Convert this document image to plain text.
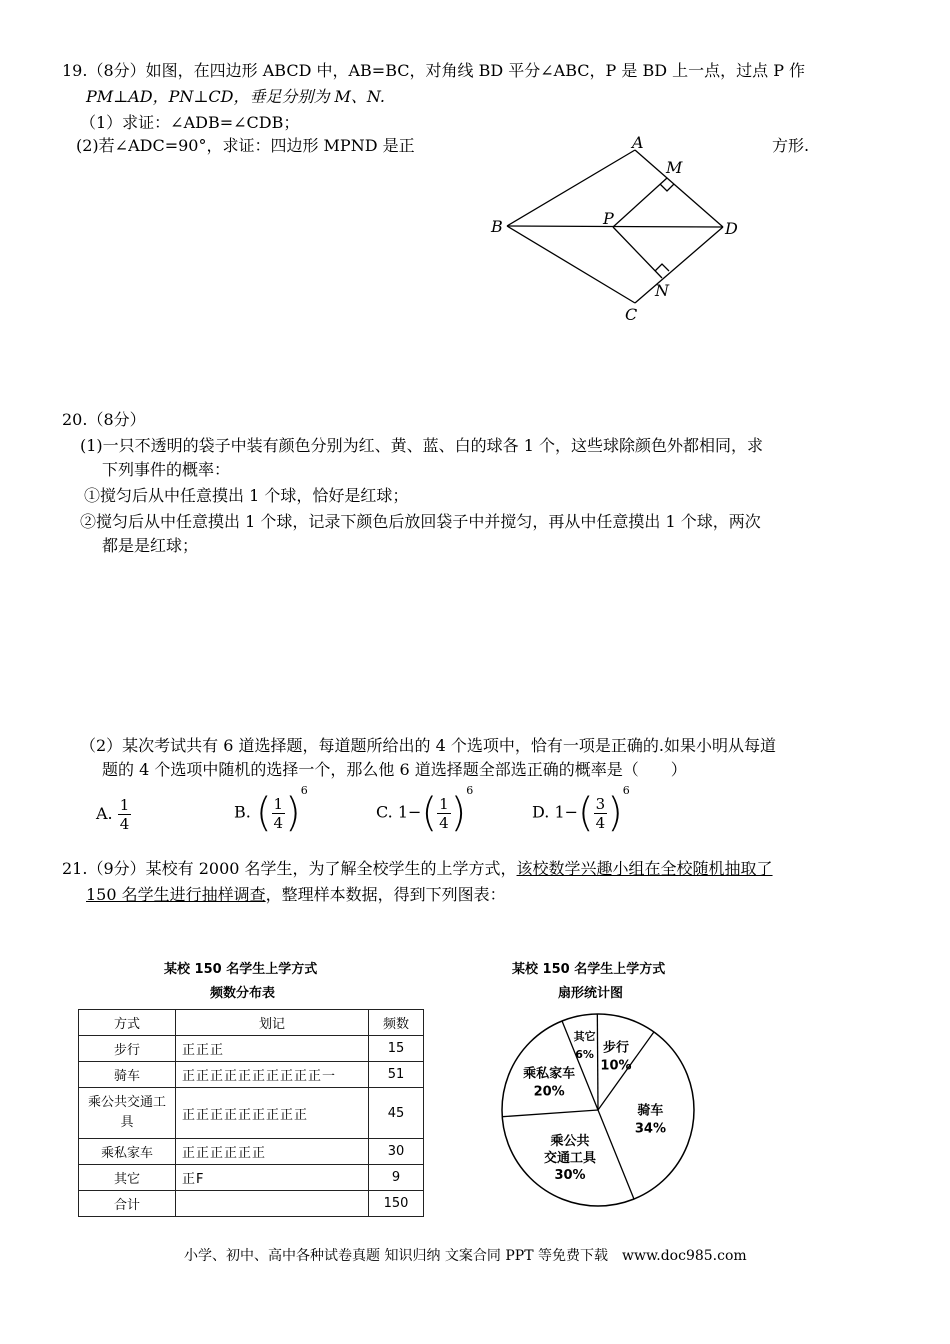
19.（8分）如图，在四边形 ABCD 中，AB=BC，对角线 BD 平分∠ABC，P 是 BD 上一点，过点 P 作
PM⊥AD，PN⊥CD，垂足分别为 M、N.
（1）求证：∠ADB=∠CDB；
(2)若∠ADC=90°，求证：四边形 MPND 是正	方形.
A
M
B	P
D
N
C
20.（8分）
(1)一只不透明的袋子中装有颜色分别为红、黄、蓝、白的球各 1 个，这些球除颜色外都相同，求
下列事件的概率：
①搅匀后从中任意摸出 1 个球，恰好是红球；
②搅匀后从中任意摸出 1 个球，记录下颜色后放回袋子中并搅匀，再从中任意摸出 1 个球，两次
都是是红球；
（2）某次考试共有 6 道选择题，每道题所给出的 4 个选项中，恰有一项是正确的.如果小明从每道
题的 4 个选项中随机的选择一个，那么他 6 道选择题全部选正确的概率是（　　）
A. $\frac{1}{4}$	B. ( $\frac{1}{4} )^6$
C. $1-( \frac{1}{4} )^6$
D. $1-( \frac{3}{4} )^6$
21.（9分）某校有 2000 名学生，为了解全校学生的上学方式，该校数学兴趣小组在全校随机抽取了
150 名学生进行抽样调查，整理样本数据，得到下列图表：
某校 150 名学生上学方式
频数分布表
方式	划记	频数
步行	正正正	15
骑车	正正正正正正正正正正一	51
乘公共交通工具	正正正正正正正正正	45
乘私家车	正正正正正正	30
其它	正F	9
合计		150
某校 150 名学生上学方式
扇形统计图
其它
6% 步行
10%
骑车
34%
乘公共交通工具
30%
乘私家车
20%
小学、初中、高中各种试卷真题 知识归纳 文案合同 PPT 等免费下载　www.doc985.com
